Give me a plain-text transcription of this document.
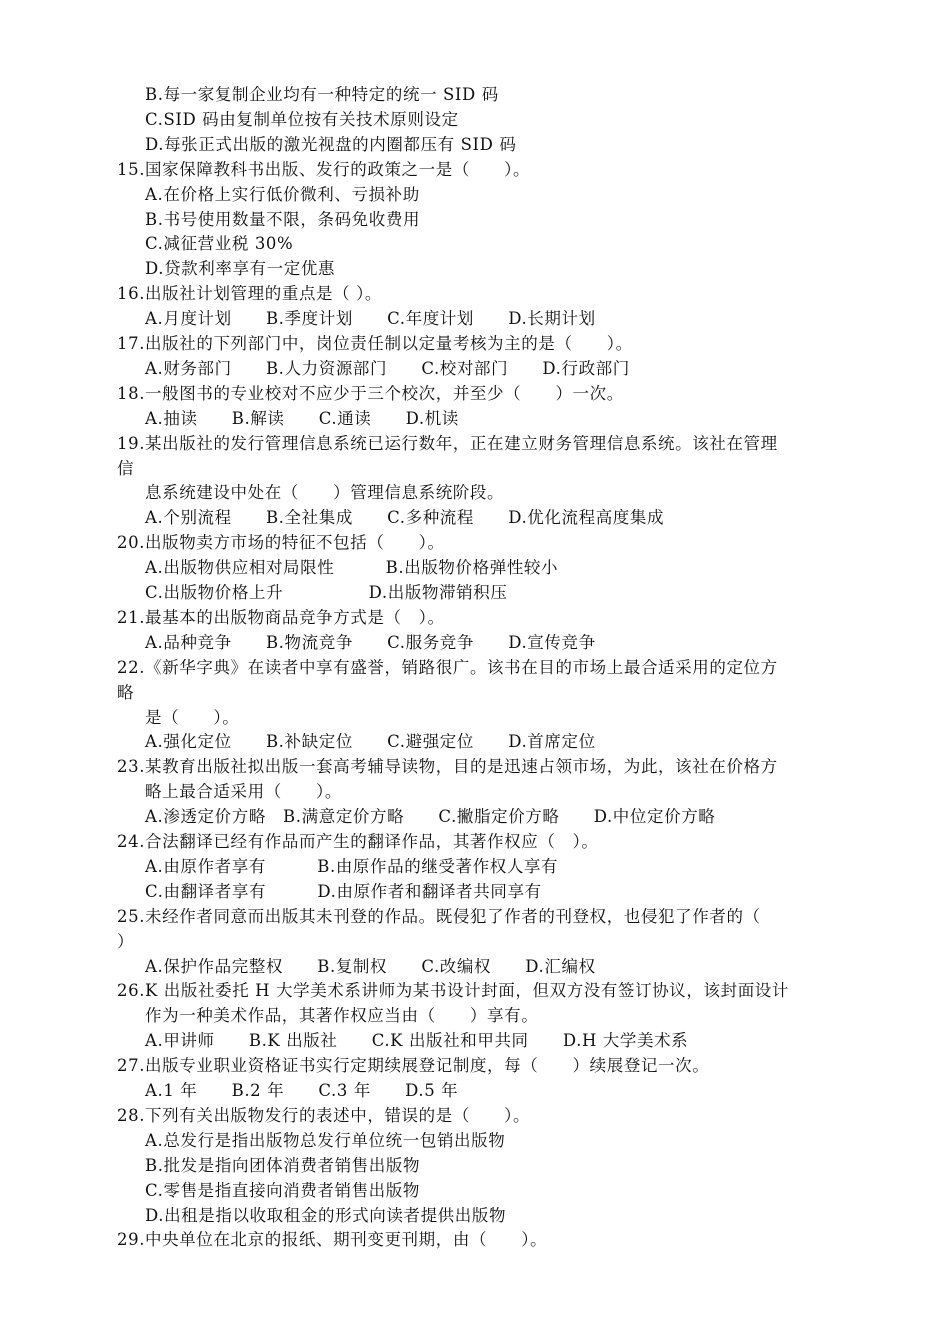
B.每一家复制企业均有一种特定的统一 SID 码
C.SID 码由复制单位按有关技术原则设定
D.每张正式出版的激光视盘的内圈都压有 SID 码
15.国家保障教科书出版、发行的政策之一是（　　）。
A.在价格上实行低价微利、亏损补助
B.书号使用数量不限，条码免收费用
C.减征营业税 30%
D.贷款利率享有一定优惠
16.出版社计划管理的重点是（ ）。
A.月度计划　　B.季度计划　　C.年度计划　　D.长期计划
17.出版社的下列部门中，岗位责任制以定量考核为主的是（　　）。
A.财务部门　　B.人力资源部门　　C.校对部门　　D.行政部门
18.一般图书的专业校对不应少于三个校次，并至少（　　）一次。
A.抽读　　B.解读　　C.通读　　D.机读
19.某出版社的发行管理信息系统已运行数年，正在建立财务管理信息系统。该社在管理
信
息系统建设中处在（　　）管理信息系统阶段。
A.个别流程　　B.全社集成　　C.多种流程　　D.优化流程高度集成
20.出版物卖方市场的特征不包括（　　）。
A.出版物供应相对局限性　　　B.出版物价格弹性较小
C.出版物价格上升　　　　　D.出版物滞销积压
21.最基本的出版物商品竞争方式是（　）。
A.品种竞争　　B.物流竞争　　C.服务竞争　　D.宣传竞争
22.《新华字典》在读者中享有盛誉，销路很广。该书在目的市场上最合适采用的定位方
略
是（　　）。
A.强化定位　　B.补缺定位　　C.避强定位　　D.首席定位
23.某教育出版社拟出版一套高考辅导读物，目的是迅速占领市场，为此，该社在价格方
略上最合适采用（　　）。
A.渗透定价方略　B.满意定价方略　　C.撇脂定价方略　　D.中位定价方略
24.合法翻译已经有作品而产生的翻译作品，其著作权应（　）。
A.由原作者享有　　　B.由原作品的继受著作权人享有
C.由翻译者享有　　　D.由原作者和翻译者共同享有
25.未经作者同意而出版其未刊登的作品。既侵犯了作者的刊登权，也侵犯了作者的（
）
A.保护作品完整权　　B.复制权　　C.改编权　　D.汇编权
26.K 出版社委托 H 大学美术系讲师为某书设计封面，但双方没有签订协议，该封面设计
作为一种美术作品，其著作权应当由（　　）享有。
A.甲讲师　　B.K 出版社　　C.K 出版社和甲共同　　D.H 大学美术系
27.出版专业职业资格证书实行定期续展登记制度，每（　　）续展登记一次。
A.1 年　　B.2 年　　C.3 年　　D.5 年
28.下列有关出版物发行的表述中，错误的是（　　）。
A.总发行是指出版物总发行单位统一包销出版物
B.批发是指向团体消费者销售出版物
C.零售是指直接向消费者销售出版物
D.出租是指以收取租金的形式向读者提供出版物
29.中央单位在北京的报纸、期刊变更刊期，由（　　）。
